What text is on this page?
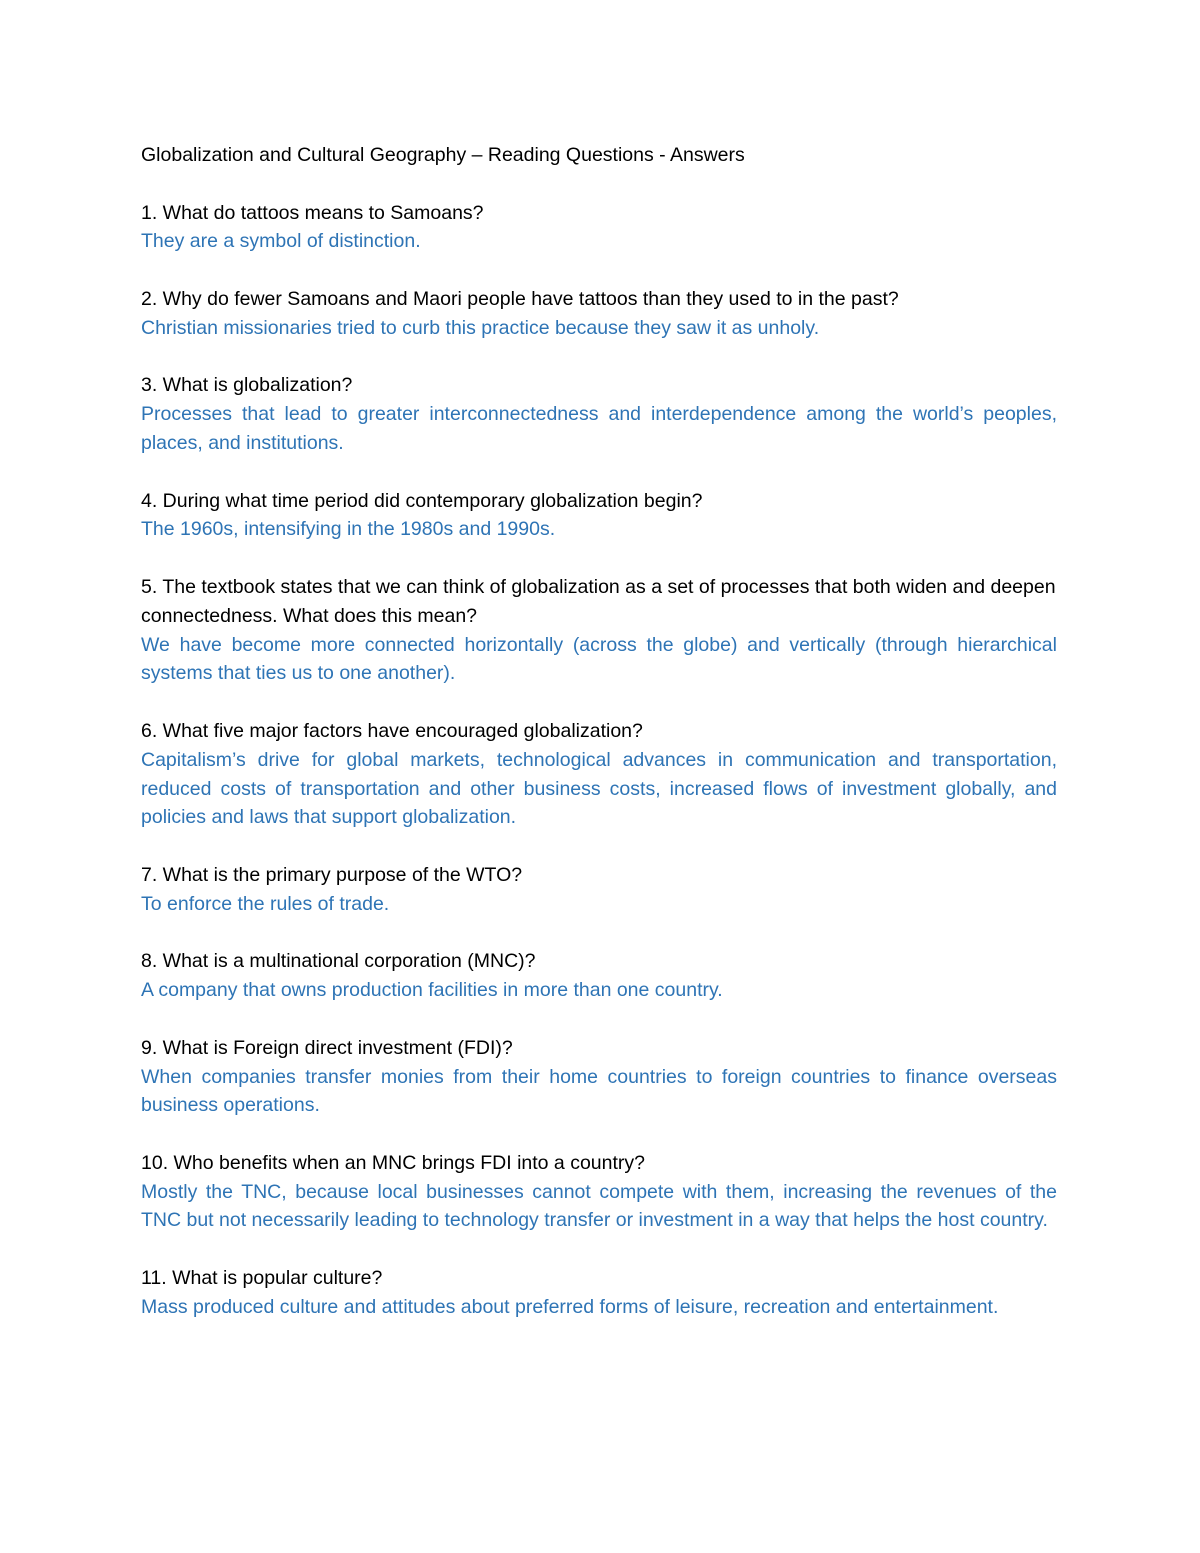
Globalization and Cultural Geography – Reading Questions - Answers

1. What do tattoos means to Samoans?

They are a symbol of distinction.

2. Why do fewer Samoans and Maori people have tattoos than they used to in the past?

Christian missionaries tried to curb this practice because they saw it as unholy.

3. What is globalization?

Processes that lead to greater interconnectedness and interdependence among the world’s peoples, places, and institutions.

4. During what time period did contemporary globalization begin?

The 1960s, intensifying in the 1980s and 1990s.

5. The textbook states that we can think of globalization as a set of processes that both widen and deepen connectedness. What does this mean?

We have become more connected horizontally (across the globe) and vertically (through hierarchical systems that ties us to one another).

6. What five major factors have encouraged globalization?

Capitalism’s drive for global markets, technological advances in communication and transportation, reduced costs of transportation and other business costs, increased flows of investment globally, and policies and laws that support globalization.

7. What is the primary purpose of the WTO?

To enforce the rules of trade.

8. What is a multinational corporation (MNC)?

A company that owns production facilities in more than one country.

9. What is Foreign direct investment (FDI)?

When companies transfer monies from their home countries to foreign countries to finance overseas business operations.

10. Who benefits when an MNC brings FDI into a country?

Mostly the TNC, because local businesses cannot compete with them, increasing the revenues of the TNC but not necessarily leading to technology transfer or investment in a way that helps the host country.

11. What is popular culture?

Mass produced culture and attitudes about preferred forms of leisure, recreation and entertainment.
